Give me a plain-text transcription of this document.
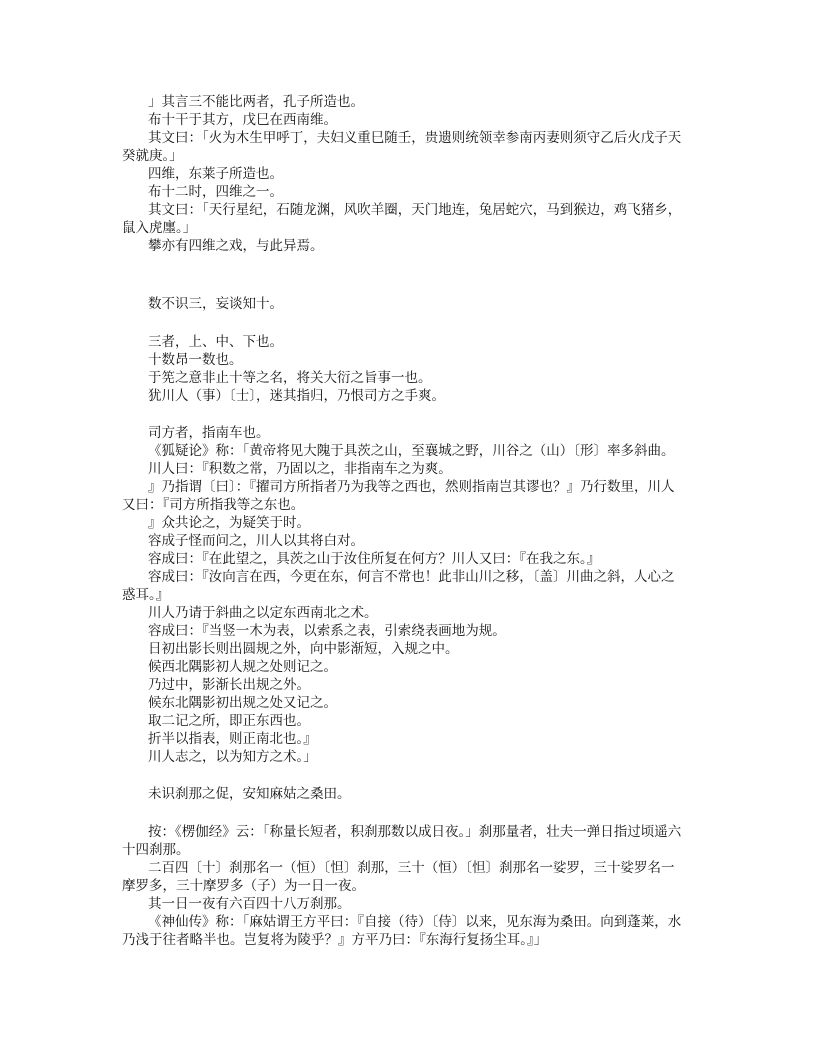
」其言三不能比两者，孔子所造也。
布十干于其方，戊巳在西南维。
其文曰：「火为木生甲呼丁，夫妇义重巳随壬，贵遗则统领幸参南丙妻则须守乙后火戊子天
癸就庚。」
四维，东莱子所造也。
布十二时，四维之一。
其文曰：「天行星纪，石随龙渊，风吹羊圈，天门地连，兔居蛇穴，马到猴边，鸡飞猪乡，
鼠入虎廛。」
攀亦有四维之戏，与此异焉。
数不识三，妄谈知十。
三者，上、中、下也。
十数昂一数也。
于筅之意非止十等之名，将关大衍之旨事一也。
犹川人（事）〔士〕，迷其指归，乃恨司方之手爽。
司方者，指南车也。
《狐疑论》称：「黄帝将见大隗于具茨之山，至襄城之野，川谷之（山）〔形〕率多斜曲。
川人曰：『积数之常，乃固以之，非指南车之为爽。
』乃指谓〔曰〕：『擢司方所指者乃为我等之西也，然则指南岂其谬也？』乃行数里，川人
又曰：『司方所指我等之东也。
』众共论之，为疑笑于时。
容成子怪而问之，川人以其将白对。
容成曰：『在此望之，具茨之山于汝住所复在何方？川人又曰：『在我之东。』
容成曰：『汝向言在西，今更在东，何言不常也！此非山川之移，〔盖〕川曲之斜，人心之
惑耳。』
川人乃请于斜曲之以定东西南北之术。
容成曰：『当竖一木为表，以索系之表，引索绕表画地为规。
日初出影长则出圆规之外，向中影渐短，入规之中。
候西北隅影初人规之处则记之。
乃过中，影渐长出规之外。
候东北隅影初出规之处又记之。
取二记之所，即正东西也。
折半以指表，则正南北也。』
川人志之，以为知方之术。」
未识刹那之促，安知麻姑之桑田。
按：《楞伽经》云：「称量长短者，积刹那数以成日夜。」刹那量者，壮夫一弹日指过顷遥六
十四刹那。
二百四〔十〕刹那名一（恒）〔怛〕刹那，三十（恒）〔怛〕刹那名一娑罗，三十娑罗名一
摩罗多，三十摩罗多（子）为一日一夜。
其一日一夜有六百四十八万刹那。
《神仙传》称：「麻姑谓王方平曰：『自接（待）〔侍〕以来，见东海为桑田。向到蓬莱，水
乃浅于往者略半也。岂复将为陵乎？』方平乃曰：『东海行复扬尘耳。』」
